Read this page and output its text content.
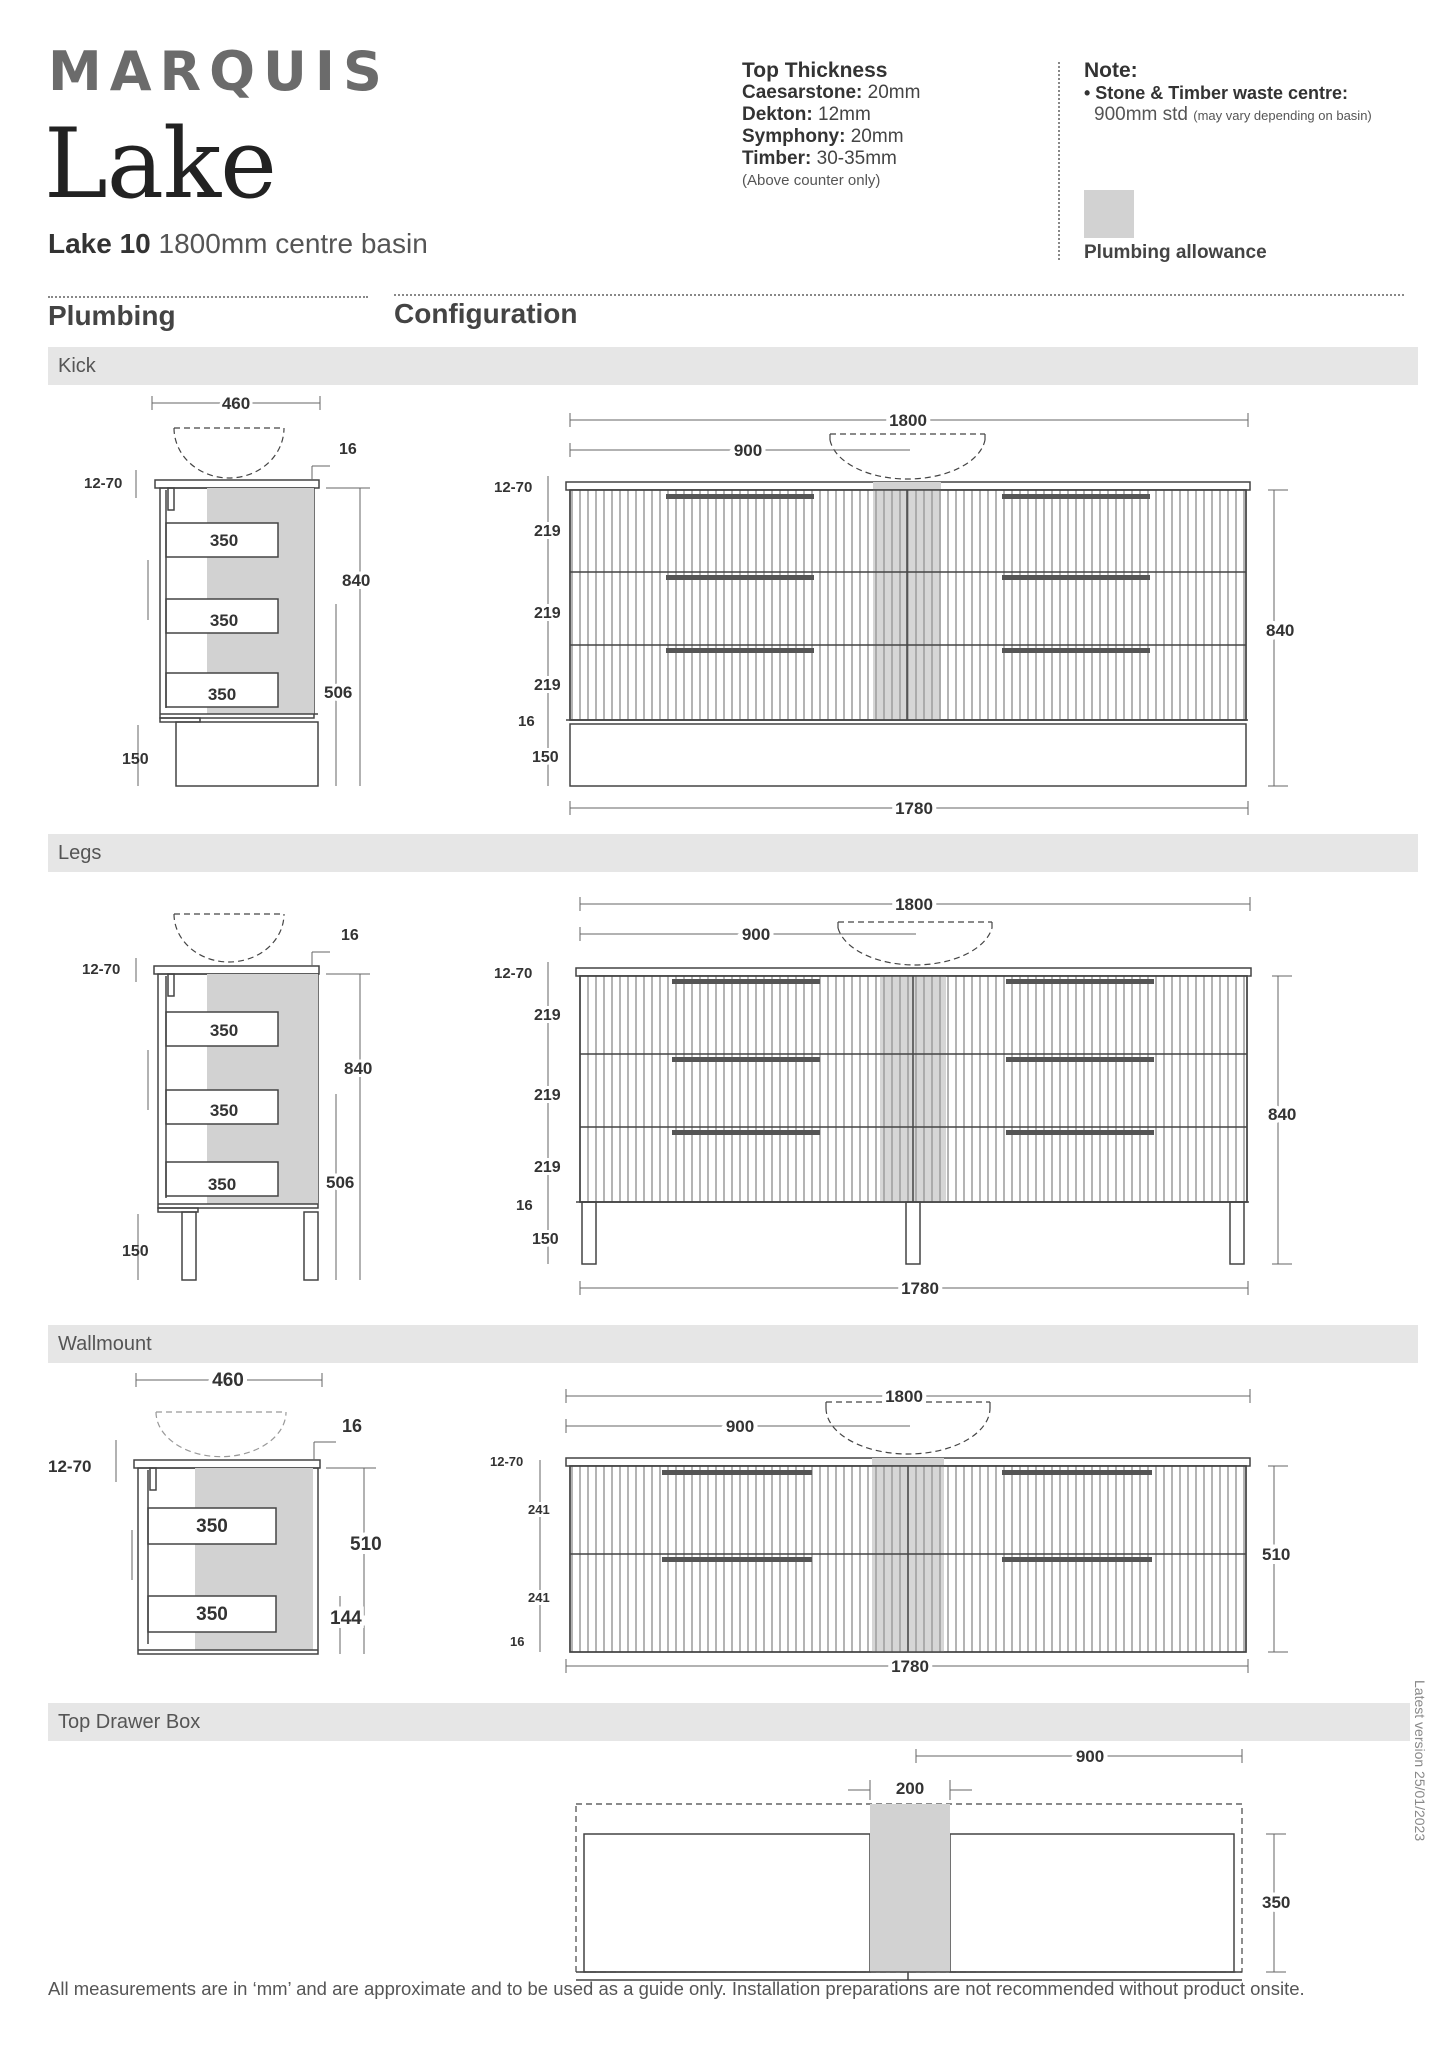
MARQUIS
Lake
Lake 10 1800mm centre basin
Top Thickness
Caesarstone: 20mm
Dekton: 12mm
Symphony: 20mm
Timber: 30-35mm
(Above counter only)
Note:
• Stone & Timber waste centre:
900mm std (may vary depending on basin)
Plumbing allowance
Plumbing	Configuration
Kick
Legs
Wallmount
Top Drawer Box
460
16
12-70
350
350
350
840
506
150
1800
900
12-70
219
219
219
16
150
840
1780
16
12-70
350
350
350
840
506
150
1800
900
12-70
219
219
219
16
150
840
1780
460
16
12-70
350
350
510
144
1800
900
12-70
241
241
16
510
1780
900
200
350
All measurements are in ‘mm’ and are approximate and to be used as a guide only. Installation preparations are not recommended without product onsite.
Latest version 25/01/2023
